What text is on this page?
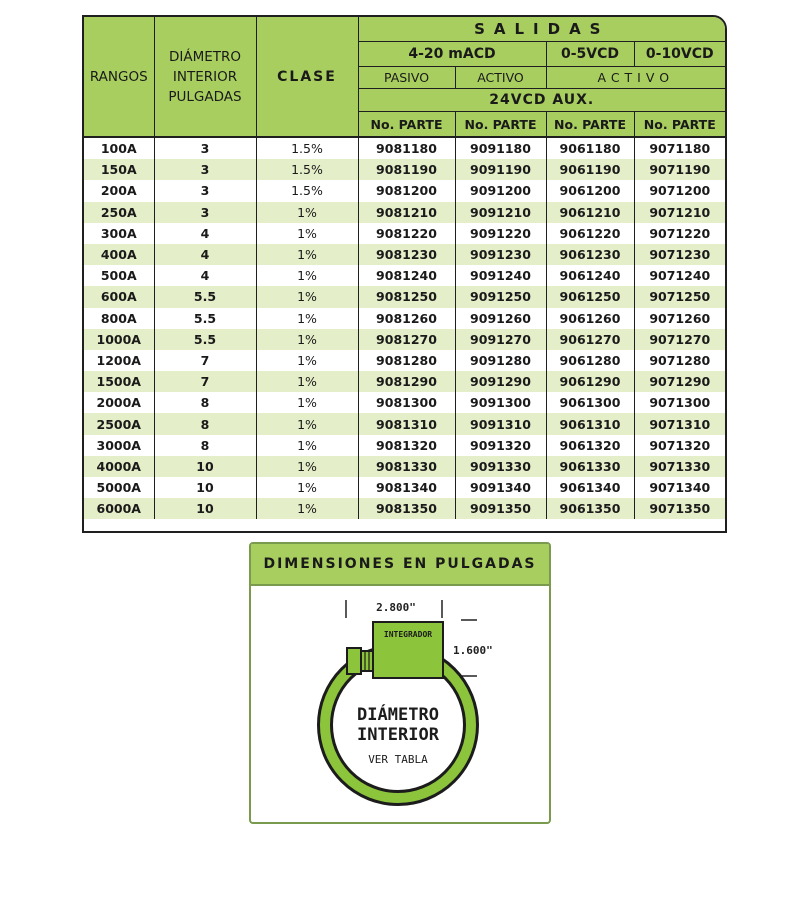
RANGOS	DIÁMETRO
INTERIOR
PULGADAS	CLASE	SALIDAS			
			4-20 mACD		0-5VCD	0-10VCD
			PASIVO	ACTIVO	ACTIVO	
			24VCD AUX.			
			No. PARTE	No. PARTE	No. PARTE	No. PARTE
100A	3	1.5%	9081180	9091180	9061180	9071180
150A	3	1.5%	9081190	9091190	9061190	9071190
200A	3	1.5%	9081200	9091200	9061200	9071200
250A	3	1%	9081210	9091210	9061210	9071210
300A	4	1%	9081220	9091220	9061220	9071220
400A	4	1%	9081230	9091230	9061230	9071230
500A	4	1%	9081240	9091240	9061240	9071240
600A	5.5	1%	9081250	9091250	9061250	9071250
800A	5.5	1%	9081260	9091260	9061260	9071260
1000A	5.5	1%	9081270	9091270	9061270	9071270
1200A	7	1%	9081280	9091280	9061280	9071280
1500A	7	1%	9081290	9091290	9061290	9071290
2000A	8	1%	9081300	9091300	9061300	9071300
2500A	8	1%	9081310	9091310	9061310	9071310
3000A	8	1%	9081320	9091320	9061320	9071320
4000A	10	1%	9081330	9091330	9061330	9071330
5000A	10	1%	9081340	9091340	9061340	9071340
6000A	10	1%	9081350	9091350	9061350	9071350
DIMENSIONES EN PULGADAS
2.800"
1.600"
INTEGRADOR
DIÁMETRO
INTERIOR
VER TABLA
